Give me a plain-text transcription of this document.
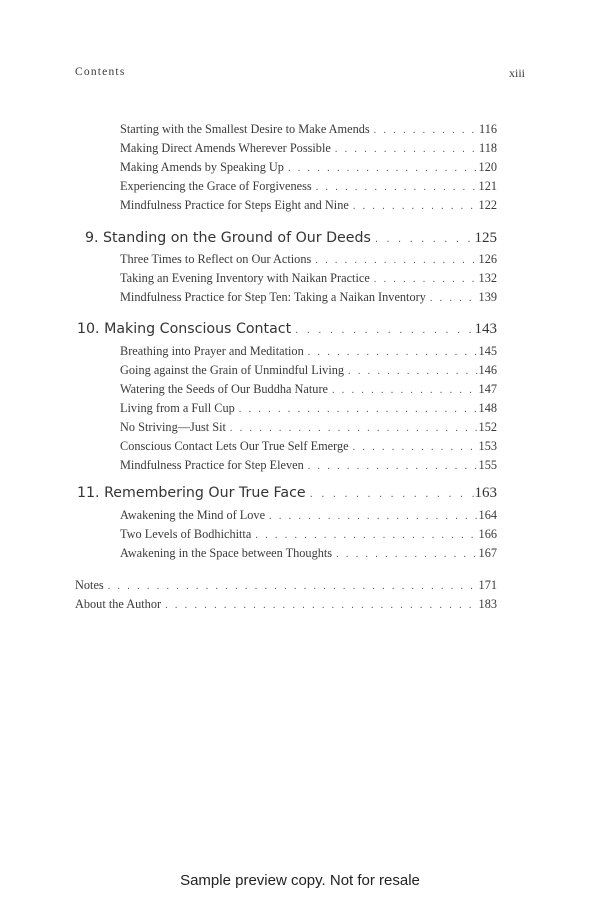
Contents	xiii
Starting with the Smallest Desire to Make Amends . . .	116
Making Direct Amends Wherever Possible . . .	118
Making Amends by Speaking Up . . .	120
Experiencing the Grace of Forgiveness . . .	121
Mindfulness Practice for Steps Eight and Nine . . .	122
9. Standing on the Ground of Our Deeds . . .	125
Three Times to Reflect on Our Actions . . .	126
Taking an Evening Inventory with Naikan Practice . . .	132
Mindfulness Practice for Step Ten: Taking a Naikan Inventory . . .	139
10. Making Conscious Contact . . .	143
Breathing into Prayer and Meditation . . .	145
Going against the Grain of Unmindful Living . . .	146
Watering the Seeds of Our Buddha Nature . . .	147
Living from a Full Cup . . .	148
No Striving—Just Sit . . .	152
Conscious Contact Lets Our True Self Emerge . . .	153
Mindfulness Practice for Step Eleven . . .	155
11. Remembering Our True Face . . .	163
Awakening the Mind of Love . . .	164
Two Levels of Bodhichitta . . .	166
Awakening in the Space between Thoughts . . .	167
Notes . . .	171
About the Author . . .	183
Sample preview copy. Not for resale
